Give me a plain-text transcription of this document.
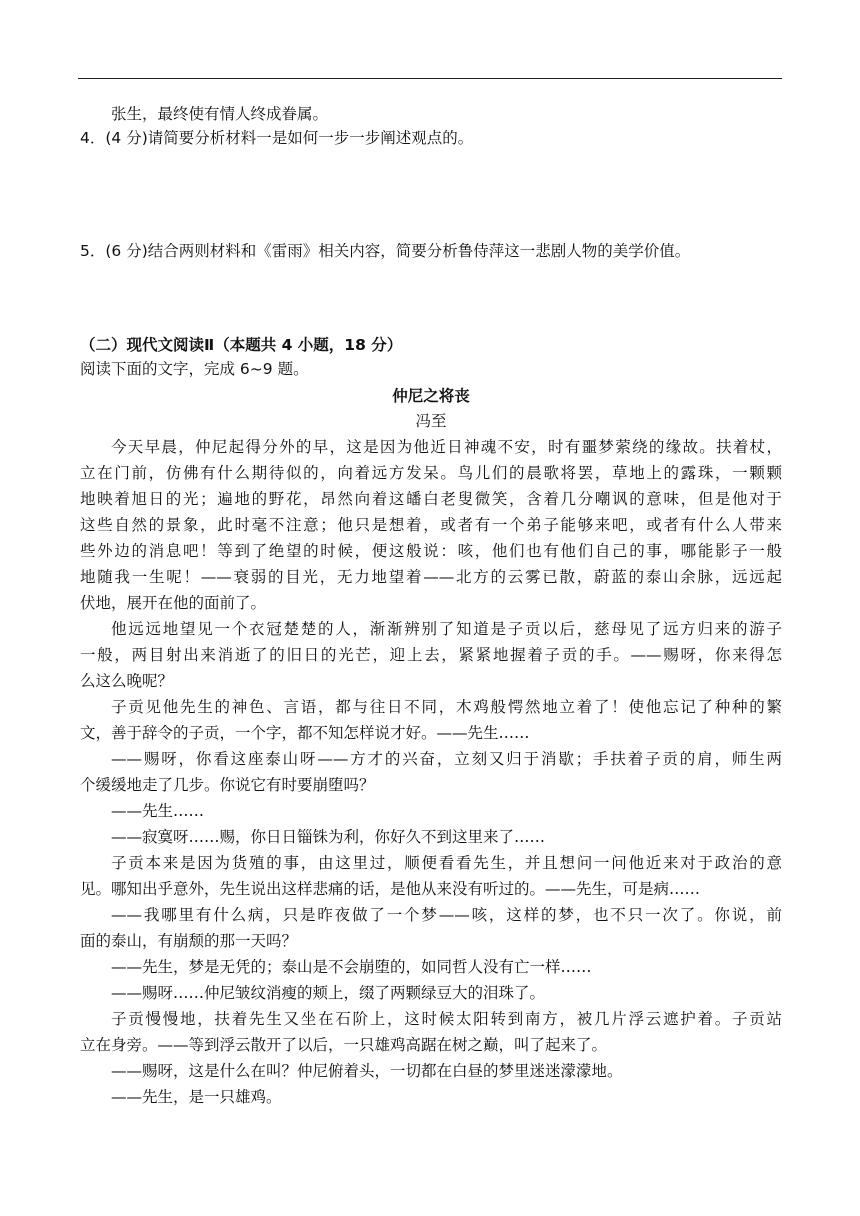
张生，最终使有情人终成眷属。
4．(4 分)请简要分析材料一是如何一步一步阐述观点的。
5．(6 分)结合两则材料和《雷雨》相关内容，简要分析鲁侍萍这一悲剧人物的美学价值。
（二）现代文阅读Ⅱ（本题共 4 小题，18 分）
阅读下面的文字，完成 6~9 题。
仲尼之将丧
冯至
今天早晨，仲尼起得分外的早，这是因为他近日神魂不安，时有噩梦萦绕的缘故。扶着杖，
立在门前，仿佛有什么期待似的，向着远方发呆。鸟儿们的晨歌将罢，草地上的露珠，一颗颗
地映着旭日的光；遍地的野花，昂然向着这皤白老叟微笑，含着几分嘲讽的意味，但是他对于
这些自然的景象，此时毫不注意；他只是想着，或者有一个弟子能够来吧，或者有什么人带来
些外边的消息吧！等到了绝望的时候，便这般说：咳，他们也有他们自己的事，哪能影子一般
地随我一生呢！——衰弱的目光，无力地望着——北方的云雾已散，蔚蓝的泰山余脉，远远起
伏地，展开在他的面前了。
他远远地望见一个衣冠楚楚的人，渐渐辨别了知道是子贡以后，慈母见了远方归来的游子
一般，两目射出来消逝了的旧日的光芒，迎上去，紧紧地握着子贡的手。——赐呀，你来得怎
么这么晚呢？
子贡见他先生的神色、言语，都与往日不同，木鸡般愕然地立着了！使他忘记了种种的繁
文，善于辞令的子贡，一个字，都不知怎样说才好。——先生……
——赐呀，你看这座泰山呀——方才的兴奋，立刻又归于消歇；手扶着子贡的肩，师生两
个缓缓地走了几步。你说它有时要崩堕吗？
——先生……
——寂寞呀……赐，你日日锱铢为利，你好久不到这里来了……
子贡本来是因为货殖的事，由这里过，顺便看看先生，并且想问一问他近来对于政治的意
见。哪知出乎意外，先生说出这样悲痛的话，是他从来没有听过的。——先生，可是病……
——我哪里有什么病，只是昨夜做了一个梦——咳，这样的梦，也不只一次了。你说，前
面的泰山，有崩颓的那一天吗？
——先生，梦是无凭的；泰山是不会崩堕的，如同哲人没有亡一样……
——赐呀……仲尼皱纹消瘦的颊上，缀了两颗绿豆大的泪珠了。
子贡慢慢地，扶着先生又坐在石阶上，这时候太阳转到南方，被几片浮云遮护着。子贡站
立在身旁。——等到浮云散开了以后，一只雄鸡高踞在树之巅，叫了起来了。
——赐呀，这是什么在叫？仲尼俯着头，一切都在白昼的梦里迷迷濛濛地。
——先生，是一只雄鸡。
